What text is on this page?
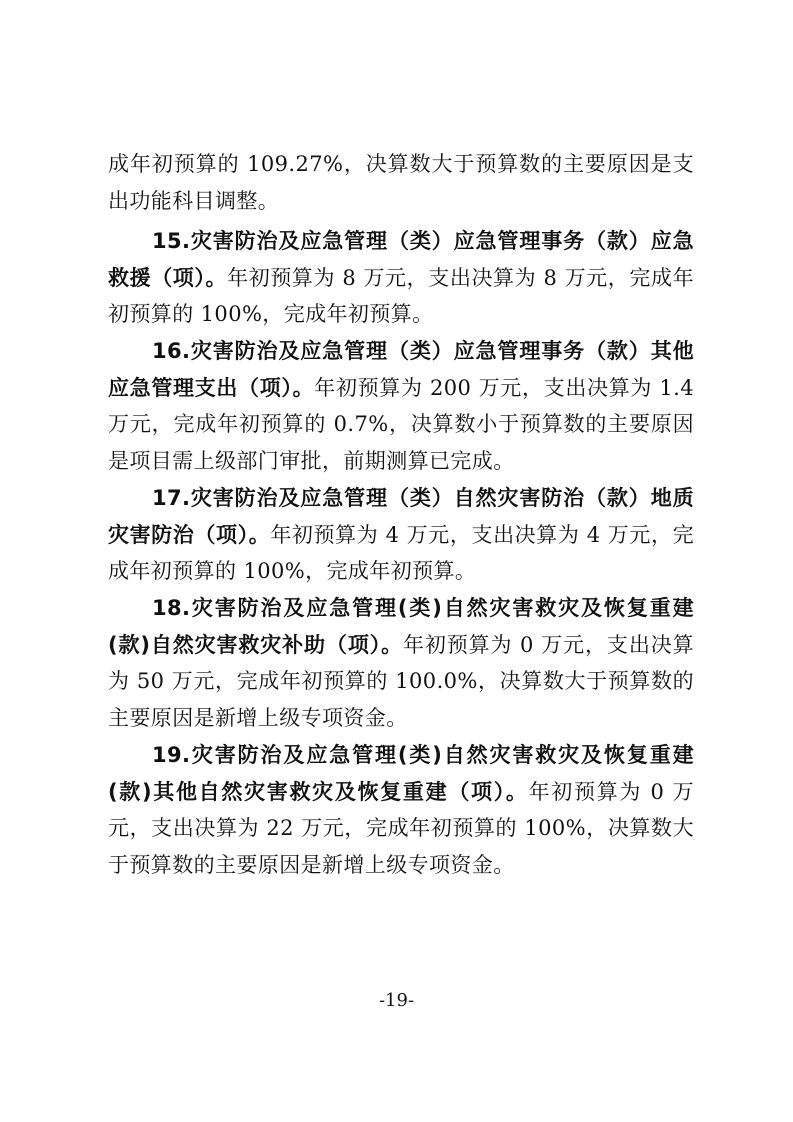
成年初预算的 109.27%，决算数大于预算数的主要原因是支出功能科目调整。

15.灾害防治及应急管理（类）应急管理事务（款）应急救援（项）。年初预算为 8 万元，支出决算为 8 万元，完成年初预算的 100%，完成年初预算。

16.灾害防治及应急管理（类）应急管理事务（款）其他应急管理支出（项）。年初预算为 200 万元，支出决算为 1.4 万元，完成年初预算的 0.7%，决算数小于预算数的主要原因是项目需上级部门审批，前期测算已完成。

17.灾害防治及应急管理（类）自然灾害防治（款）地质灾害防治（项）。年初预算为 4 万元，支出决算为 4 万元，完成年初预算的 100%，完成年初预算。

18.灾害防治及应急管理(类)自然灾害救灾及恢复重建(款)自然灾害救灾补助（项）。年初预算为 0 万元，支出决算为 50 万元，完成年初预算的 100.0%，决算数大于预算数的主要原因是新增上级专项资金。

19.灾害防治及应急管理(类)自然灾害救灾及恢复重建(款)其他自然灾害救灾及恢复重建（项）。年初预算为 0 万元，支出决算为 22 万元，完成年初预算的 100%，决算数大于预算数的主要原因是新增上级专项资金。

-19-
